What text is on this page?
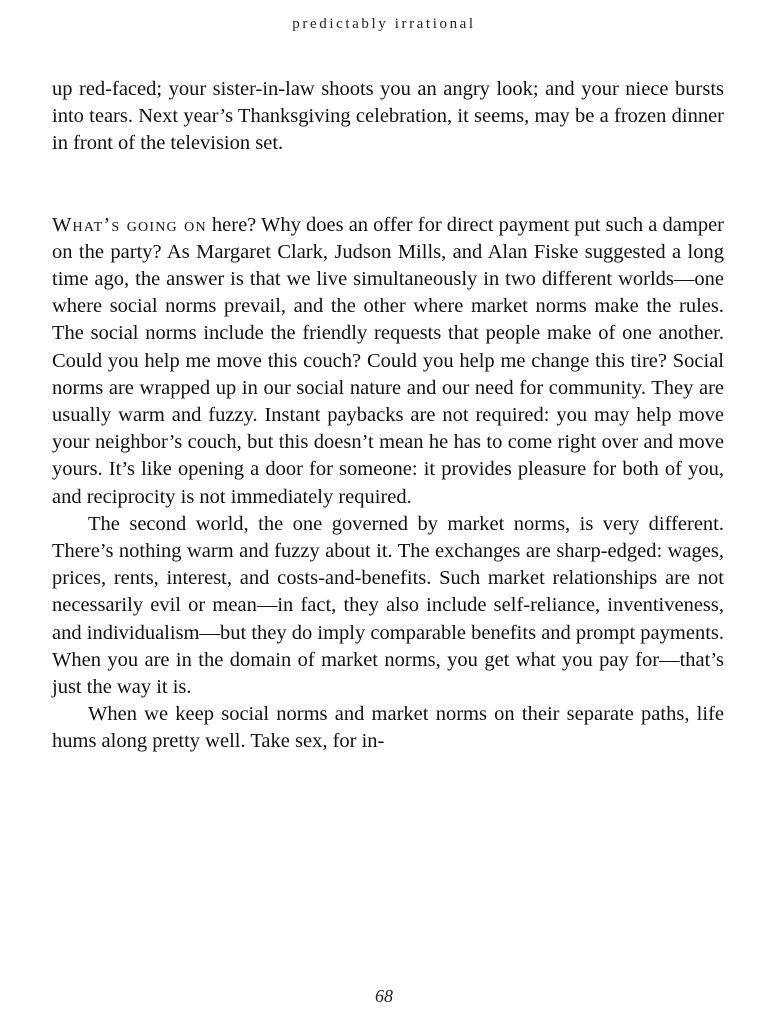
predictably irrational

up red-faced; your sister-in-law shoots you an angry look; and your niece bursts into tears. Next year’s Thanksgiving celebration, it seems, may be a frozen dinner in front of the television set.

What’s going on here? Why does an offer for direct payment put such a damper on the party? As Margaret Clark, Judson Mills, and Alan Fiske suggested a long time ago, the answer is that we live simultaneously in two different worlds—one where social norms prevail, and the other where market norms make the rules. The social norms include the friendly requests that people make of one another. Could you help me move this couch? Could you help me change this tire? Social norms are wrapped up in our social nature and our need for community. They are usually warm and fuzzy. Instant paybacks are not required: you may help move your neighbor’s couch, but this doesn’t mean he has to come right over and move yours. It’s like opening a door for someone: it provides pleasure for both of you, and reciprocity is not immediately required.

The second world, the one governed by market norms, is very different. There’s nothing warm and fuzzy about it. The exchanges are sharp-edged: wages, prices, rents, interest, and costs-and-benefits. Such market relationships are not necessarily evil or mean—in fact, they also include self-reliance, inventiveness, and individualism—but they do imply comparable benefits and prompt payments. When you are in the domain of market norms, you get what you pay for—that’s just the way it is.

When we keep social norms and market norms on their separate paths, life hums along pretty well. Take sex, for in-

68
